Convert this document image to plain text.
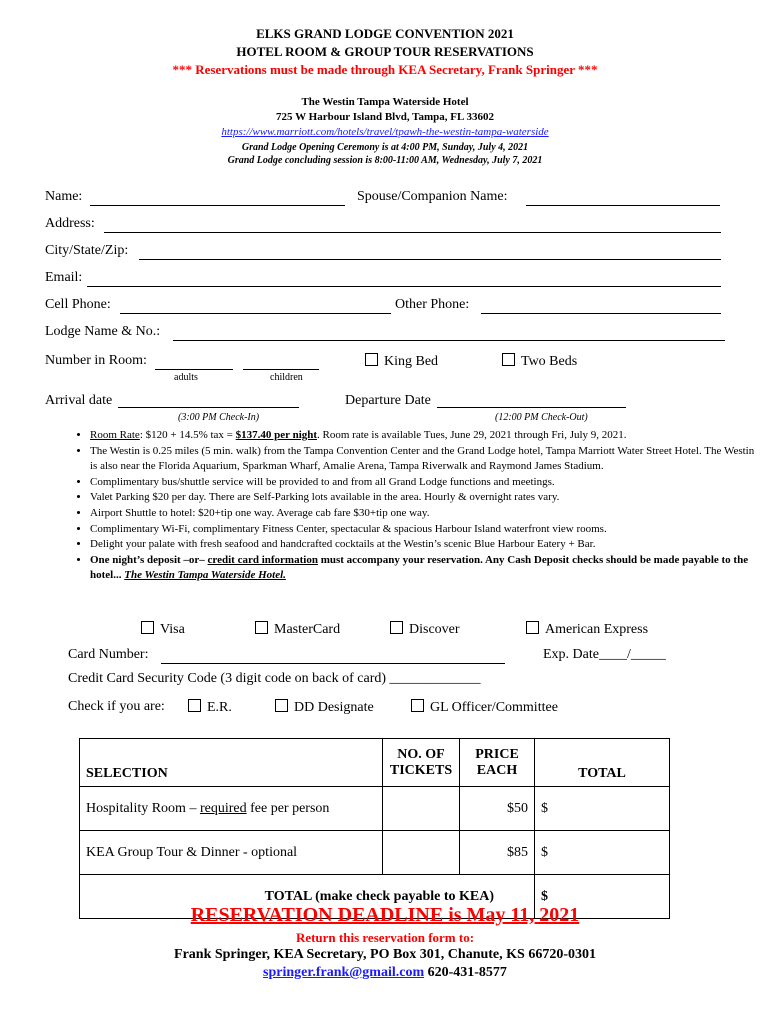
ELKS GRAND LODGE CONVENTION 2021
HOTEL ROOM & GROUP TOUR RESERVATIONS
*** Reservations must be made through KEA Secretary, Frank Springer ***
The Westin Tampa Waterside Hotel
725 W Harbour Island Blvd, Tampa, FL 33602
https://www.marriott.com/hotels/travel/tpawh-the-westin-tampa-waterside
Grand Lodge Opening Ceremony is at 4:00 PM, Sunday, July 4, 2021
Grand Lodge concluding session is 8:00-11:00 AM, Wednesday, July 7, 2021
Name:	Spouse/Companion Name:
Address:
City/State/Zip:
Email:
Cell Phone:	Other Phone:
Lodge Name & No.:
Number in Room:
adults	children
King Bed	Two Beds
Arrival date	Departure Date
(3:00 PM Check-In)	(12:00 PM Check-Out)
• Room Rate: $120 + 14.5% tax = $137.40 per night. Room rate is available Tues, June 29, 2021 through Fri, July 9, 2021.
• The Westin is 0.25 miles (5 min. walk) from the Tampa Convention Center and the Grand Lodge hotel, Tampa Marriott Water Street Hotel. The Westin is also near the Florida Aquarium, Sparkman Wharf, Amalie Arena, Tampa Riverwalk and Raymond James Stadium.
• Complimentary bus/shuttle service will be provided to and from all Grand Lodge functions and meetings.
• Valet Parking $20 per day. There are Self-Parking lots available in the area. Hourly & overnight rates vary.
• Airport Shuttle to hotel: $20+tip one way. Average cab fare $30+tip one way.
• Complimentary Wi-Fi, complimentary Fitness Center, spectacular & spacious Harbour Island waterfront view rooms.
• Delight your palate with fresh seafood and handcrafted cocktails at the Westin’s scenic Blue Harbour Eatery + Bar.
• One night’s deposit –or– credit card information must accompany your reservation. Any Cash Deposit checks should be made payable to the hotel... The Westin Tampa Waterside Hotel.
Visa	MasterCard	Discover	American Express
Card Number:	Exp. Date____/_____
Credit Card Security Code (3 digit code on back of card) _____________
Check if you are:	E.R.	DD Designate	GL Officer/Committee
SELECTION	NO. OF TICKETS	PRICE EACH	TOTAL
Hospitality Room – required fee per person		$50	$
KEA Group Tour & Dinner - optional		$85	$
TOTAL (make check payable to KEA)			$
RESERVATION DEADLINE is May 11, 2021
Return this reservation form to:
Frank Springer, KEA Secretary, PO Box 301, Chanute, KS 66720-0301
springer.frank@gmail.com 620-431-8577
